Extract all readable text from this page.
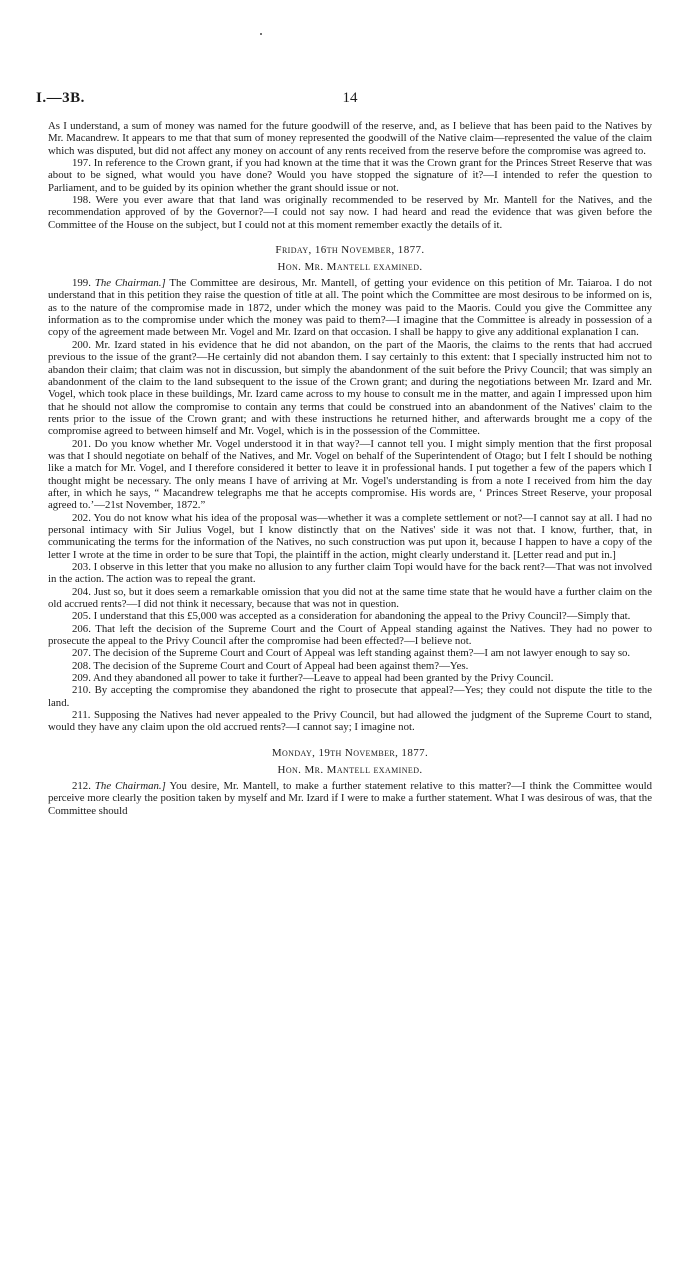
I.—3B.	14

As I understand, a sum of money was named for the future goodwill of the reserve, and, as I believe that has been paid to the Natives by Mr. Macandrew. It appears to me that that sum of money represented the goodwill of the Native claim—represented the value of the claim which was disputed, but did not affect any money on account of any rents received from the reserve before the compromise was agreed to.

197. In reference to the Crown grant, if you had known at the time that it was the Crown grant for the Princes Street Reserve that was about to be signed, what would you have done? Would you have stopped the signature of it?—I intended to refer the question to Parliament, and to be guided by its opinion whether the grant should issue or not.

198. Were you ever aware that that land was originally recommended to be reserved by Mr. Mantell for the Natives, and the recommendation approved of by the Governor?—I could not say now. I had heard and read the evidence that was given before the Committee of the House on the subject, but I could not at this moment remember exactly the details of it.

Friday, 16th November, 1877.
Hon. Mr. Mantell examined.

199. The Chairman.] The Committee are desirous, Mr. Mantell, of getting your evidence on this petition of Mr. Taiaroa. I do not understand that in this petition they raise the question of title at all. The point which the Committee are most desirous to be informed on is, as to the nature of the compromise made in 1872, under which the money was paid to the Maoris. Could you give the Committee any information as to the compromise under which the money was paid to them?—I imagine that the Committee is already in possession of a copy of the agreement made between Mr. Vogel and Mr. Izard on that occasion. I shall be happy to give any additional explanation I can.

200. Mr. Izard stated in his evidence that he did not abandon, on the part of the Maoris, the claims to the rents that had accrued previous to the issue of the grant?—He certainly did not abandon them. I say certainly to this extent: that I specially instructed him not to abandon their claim; that claim was not in discussion, but simply the abandonment of the suit before the Privy Council; that was simply an abandonment of the claim to the land subsequent to the issue of the Crown grant; and during the negotiations between Mr. Izard and Mr. Vogel, which took place in these buildings, Mr. Izard came across to my house to consult me in the matter, and again I impressed upon him that he should not allow the compromise to contain any terms that could be construed into an abandonment of the Natives' claim to the rents prior to the issue of the Crown grant; and with these instructions he returned hither, and afterwards brought me a copy of the compromise agreed to between himself and Mr. Vogel, which is in the possession of the Committee.

201. Do you know whether Mr. Vogel understood it in that way?—I cannot tell you. I might simply mention that the first proposal was that I should negotiate on behalf of the Natives, and Mr. Vogel on behalf of the Superintendent of Otago; but I felt I should be nothing like a match for Mr. Vogel, and I therefore considered it better to leave it in professional hands. I put together a few of the papers which I thought might be necessary. The only means I have of arriving at Mr. Vogel's understanding is from a note I received from him the day after, in which he says, “ Macandrew telegraphs me that he accepts compromise. His words are, ‘ Princes Street Reserve, your proposal agreed to.’—21st November, 1872.”

202. You do not know what his idea of the proposal was—whether it was a complete settlement or not?—I cannot say at all. I had no personal intimacy with Sir Julius Vogel, but I know distinctly that on the Natives' side it was not that. I know, further, that, in communicating the terms for the information of the Natives, no such construction was put upon it, because I happen to have a copy of the letter I wrote at the time in order to be sure that Topi, the plaintiff in the action, might clearly understand it. [Letter read and put in.]

203. I observe in this letter that you make no allusion to any further claim Topi would have for the back rent?—That was not involved in the action. The action was to repeal the grant.

204. Just so, but it does seem a remarkable omission that you did not at the same time state that he would have a further claim on the old accrued rents?—I did not think it necessary, because that was not in question.

205. I understand that this £5,000 was accepted as a consideration for abandoning the appeal to the Privy Council?—Simply that.

206. That left the decision of the Supreme Court and the Court of Appeal standing against the Natives. They had no power to prosecute the appeal to the Privy Council after the compromise had been effected?—I believe not.

207. The decision of the Supreme Court and Court of Appeal was left standing against them?—I am not lawyer enough to say so.

208. The decision of the Supreme Court and Court of Appeal had been against them?—Yes.

209. And they abandoned all power to take it further?—Leave to appeal had been granted by the Privy Council.

210. By accepting the compromise they abandoned the right to prosecute that appeal?—Yes; they could not dispute the title to the land.

211. Supposing the Natives had never appealed to the Privy Council, but had allowed the judgment of the Supreme Court to stand, would they have any claim upon the old accrued rents?—I cannot say; I imagine not.

Monday, 19th November, 1877.
Hon. Mr. Mantell examined.

212. The Chairman.] You desire, Mr. Mantell, to make a further statement relative to this matter?—I think the Committee would perceive more clearly the position taken by myself and Mr. Izard if I were to make a further statement. What I was desirous of was, that the Committee should
